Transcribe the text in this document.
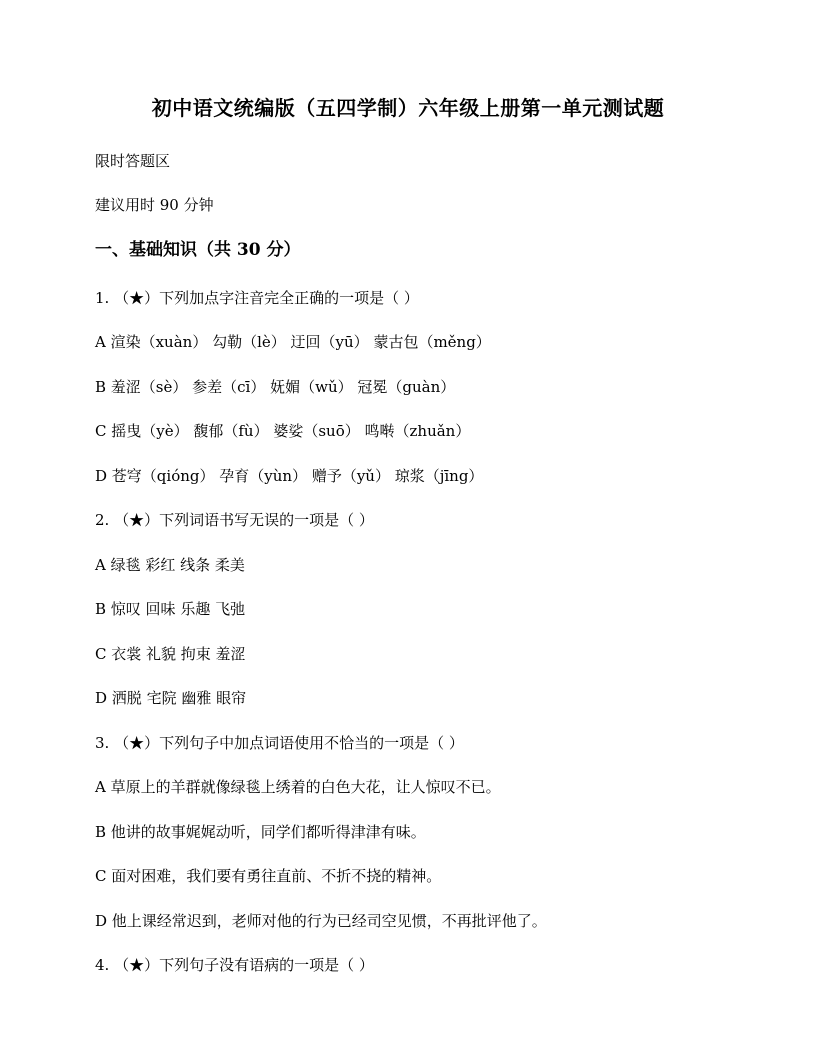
初中语文统编版（五四学制）六年级上册第一单元测试题
限时答题区
建议用时 90 分钟
一、基础知识（共 30 分）
1. （★）下列加点字注音完全正确的一项是（ ）
A 渲染（xuàn） 勾勒（lè） 迂回（yū） 蒙古包（měng）
B 羞涩（sè） 参差（cī） 妩媚（wǔ） 冠冕（guàn）
C 摇曳（yè） 馥郁（fù） 婆娑（suō） 鸣啭（zhuǎn）
D 苍穹（qióng） 孕育（yùn） 赠予（yǔ） 琼浆（jīng）
2. （★）下列词语书写无误的一项是（ ）
A 绿毯 彩红 线条 柔美
B 惊叹 回味 乐趣 飞弛
C 衣裳 礼貌 拘束 羞涩
D 洒脱 宅院 幽雅 眼帘
3. （★）下列句子中加点词语使用不恰当的一项是（ ）
A 草原上的羊群就像绿毯上绣着的白色大花，让人惊叹不已。
B 他讲的故事娓娓动听，同学们都听得津津有味。
C 面对困难，我们要有勇往直前、不折不挠的精神。
D 他上课经常迟到，老师对他的行为已经司空见惯，不再批评他了。
4. （★）下列句子没有语病的一项是（ ）
